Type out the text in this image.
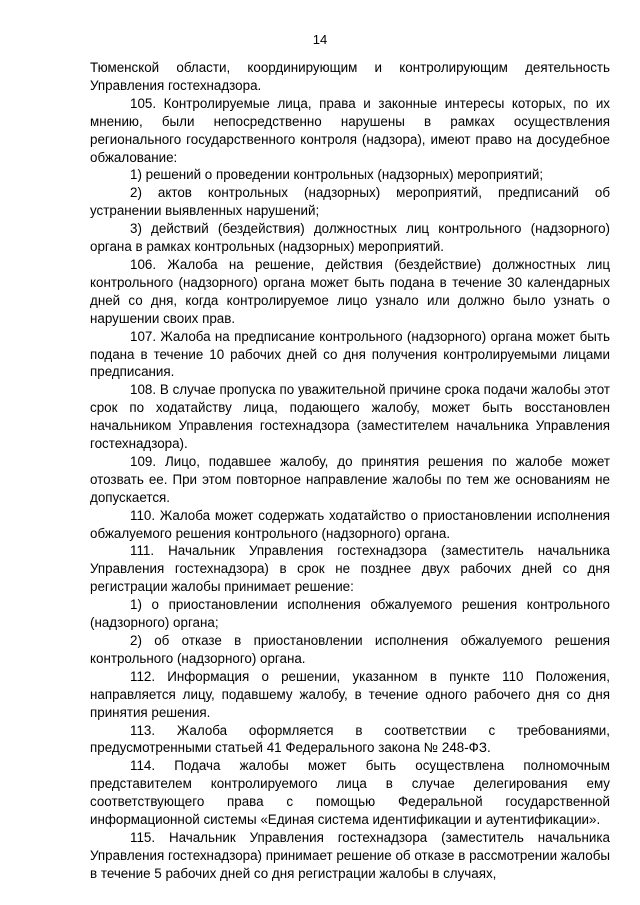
14

Тюменской области, координирующим и контролирующим деятельность Управления гостехнадзора.

105. Контролируемые лица, права и законные интересы которых, по их мнению, были непосредственно нарушены в рамках осуществления регионального государственного контроля (надзора), имеют право на досудебное обжалование:

1) решений о проведении контрольных (надзорных) мероприятий;

2) актов контрольных (надзорных) мероприятий, предписаний об устранении выявленных нарушений;

3) действий (бездействия) должностных лиц контрольного (надзорного) органа в рамках контрольных (надзорных) мероприятий.

106. Жалоба на решение, действия (бездействие) должностных лиц контрольного (надзорного) органа может быть подана в течение 30 календарных дней со дня, когда контролируемое лицо узнало или должно было узнать о нарушении своих прав.

107. Жалоба на предписание контрольного (надзорного) органа может быть подана в течение 10 рабочих дней со дня получения контролируемыми лицами предписания.

108. В случае пропуска по уважительной причине срока подачи жалобы этот срок по ходатайству лица, подающего жалобу, может быть восстановлен начальником Управления гостехнадзора (заместителем начальника Управления гостехнадзора).

109. Лицо, подавшее жалобу, до принятия решения по жалобе может отозвать ее. При этом повторное направление жалобы по тем же основаниям не допускается.

110. Жалоба может содержать ходатайство о приостановлении исполнения обжалуемого решения контрольного (надзорного) органа.

111. Начальник Управления гостехнадзора (заместитель начальника Управления гостехнадзора) в срок не позднее двух рабочих дней со дня регистрации жалобы принимает решение:

1) о приостановлении исполнения обжалуемого решения контрольного (надзорного) органа;

2) об отказе в приостановлении исполнения обжалуемого решения контрольного (надзорного) органа.

112. Информация о решении, указанном в пункте 110 Положения, направляется лицу, подавшему жалобу, в течение одного рабочего дня со дня принятия решения.

113. Жалоба оформляется в соответствии с требованиями, предусмотренными статьей 41 Федерального закона № 248-ФЗ.

114. Подача жалобы может быть осуществлена полномочным представителем контролируемого лица в случае делегирования ему соответствующего права с помощью Федеральной государственной информационной системы «Единая система идентификации и аутентификации».

115. Начальник Управления гостехнадзора (заместитель начальника Управления гостехнадзора) принимает решение об отказе в рассмотрении жалобы в течение 5 рабочих дней со дня регистрации жалобы в случаях,
